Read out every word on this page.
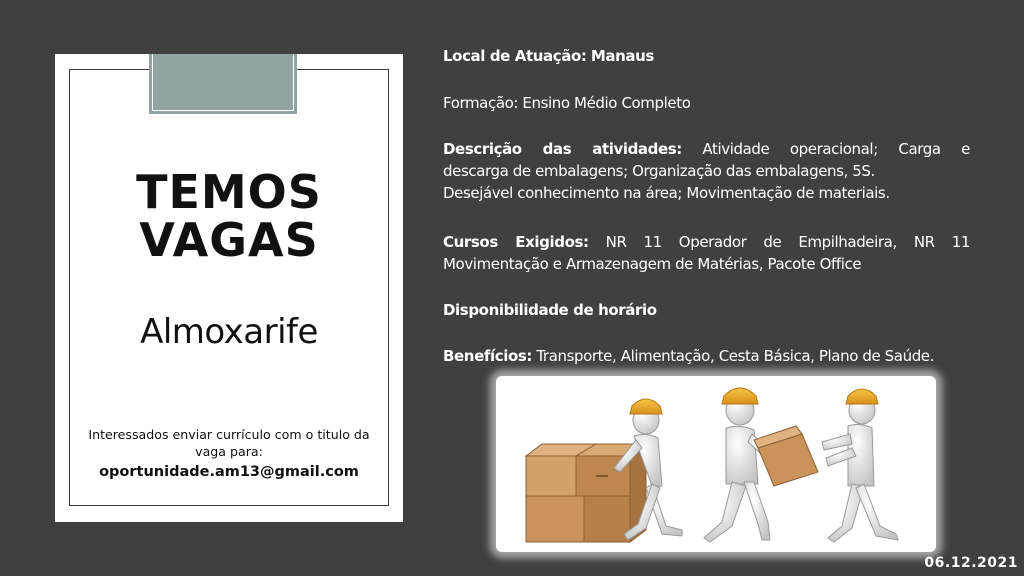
TEMOS
VAGAS
Almoxarife
Interessados enviar currículo com o titulo da vaga para:
oportunidade.am13@gmail.com

Local de Atuação: Manaus

Formação: Ensino Médio Completo

Descrição das atividades: Atividade operacional; Carga e
descarga de embalagens; Organização das embalagens, 5S.
Desejável conhecimento na área; Movimentação de materiais.
Cursos Exigidos: NR 11 Operador de Empilhadeira, NR 11
Movimentação e Armazenagem de Matérias, Pacote Office

Disponibilidade de horário

Benefícios: Transporte, Alimentação, Cesta Básica, Plano de Saúde.

06.12.2021
